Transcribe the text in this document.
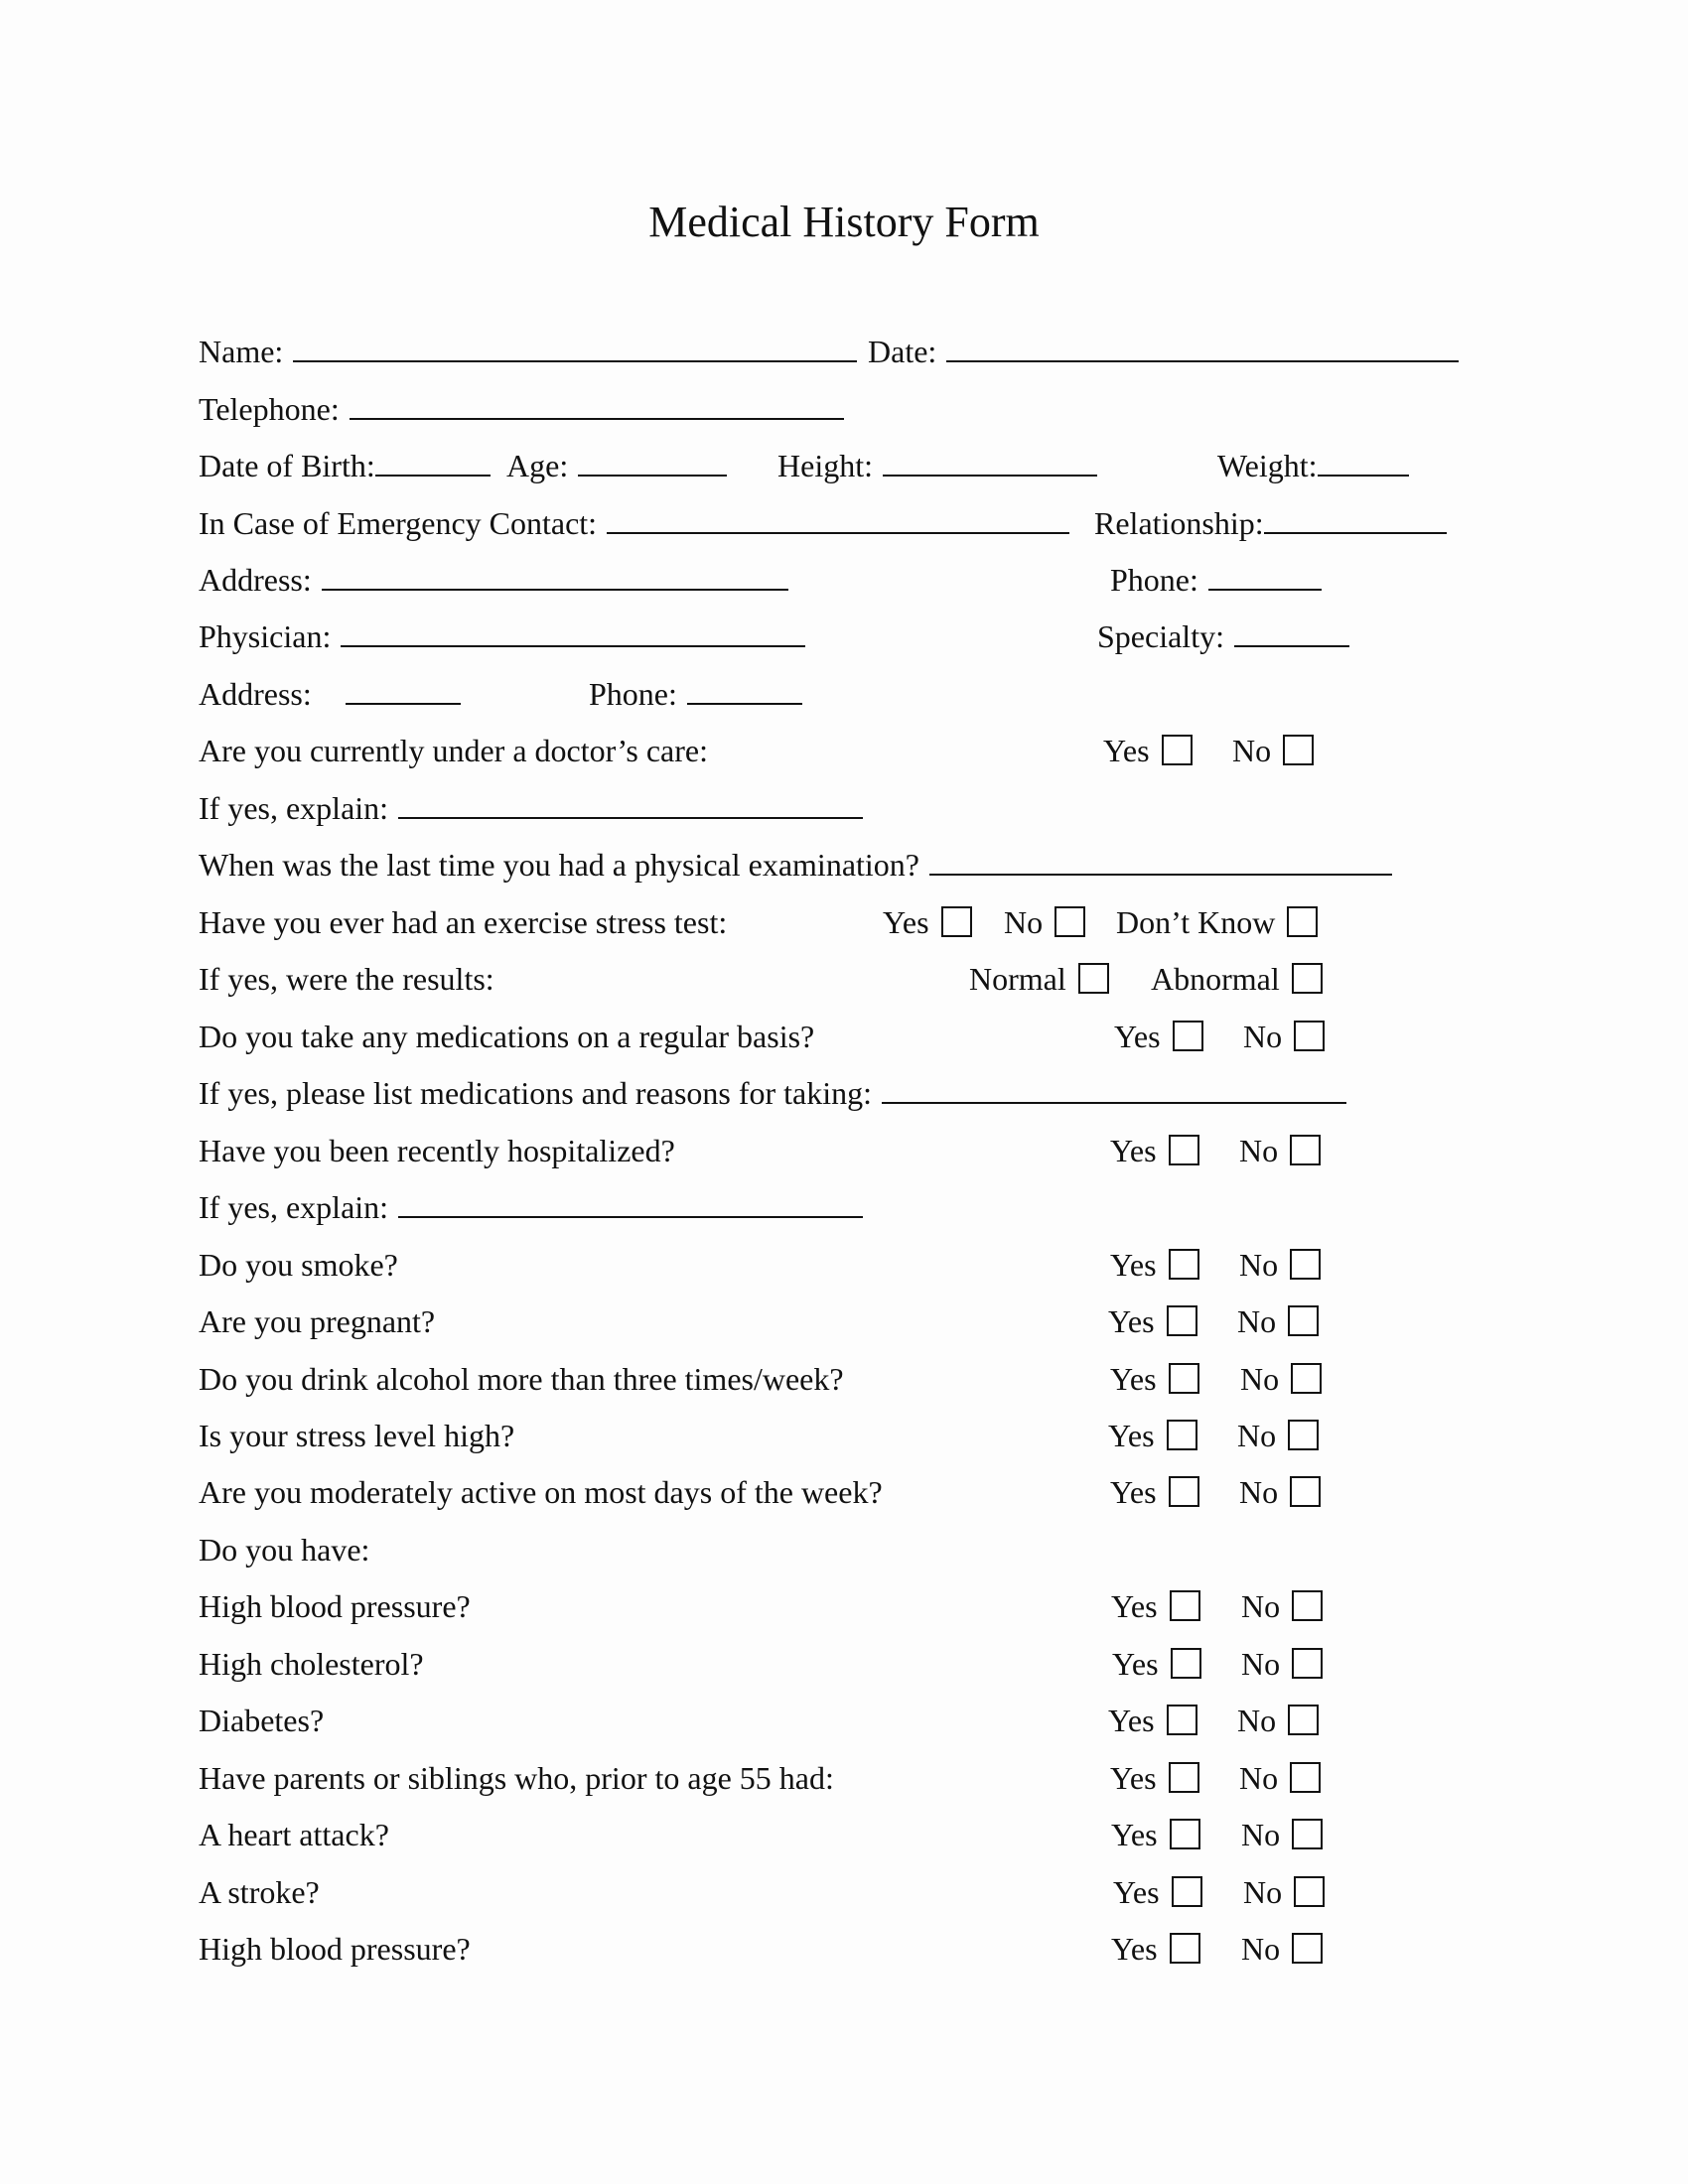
Medical History Form
Name:	Date:
Telephone:
Date of Birth:	Age:	Height:	Weight:
In Case of Emergency Contact:	Relationship:
Address:	Phone:
Physician:	Specialty:
Address:	Phone:
Are you currently under a doctor’s care:	Yes	No
If yes, explain:
When was the last time you had a physical examination?
Have you ever had an exercise stress test:	Yes	No	Don’t Know
If yes, were the results:	Normal	Abnormal
Do you take any medications on a regular basis?	Yes	No
If yes, please list medications and reasons for taking:
Have you been recently hospitalized?	Yes	No
If yes, explain:
Do you smoke?	Yes	No
Are you pregnant?	Yes	No
Do you drink alcohol more than three times/week?	Yes	No
Is your stress level high?	Yes	No
Are you moderately active on most days of the week?	Yes	No
Do you have:
High blood pressure?	Yes	No
High cholesterol?	Yes	No
Diabetes?	Yes	No
Have parents or siblings who, prior to age 55 had:	Yes	No
A heart attack?	Yes	No
A stroke?	Yes	No
High blood pressure?	Yes	No
